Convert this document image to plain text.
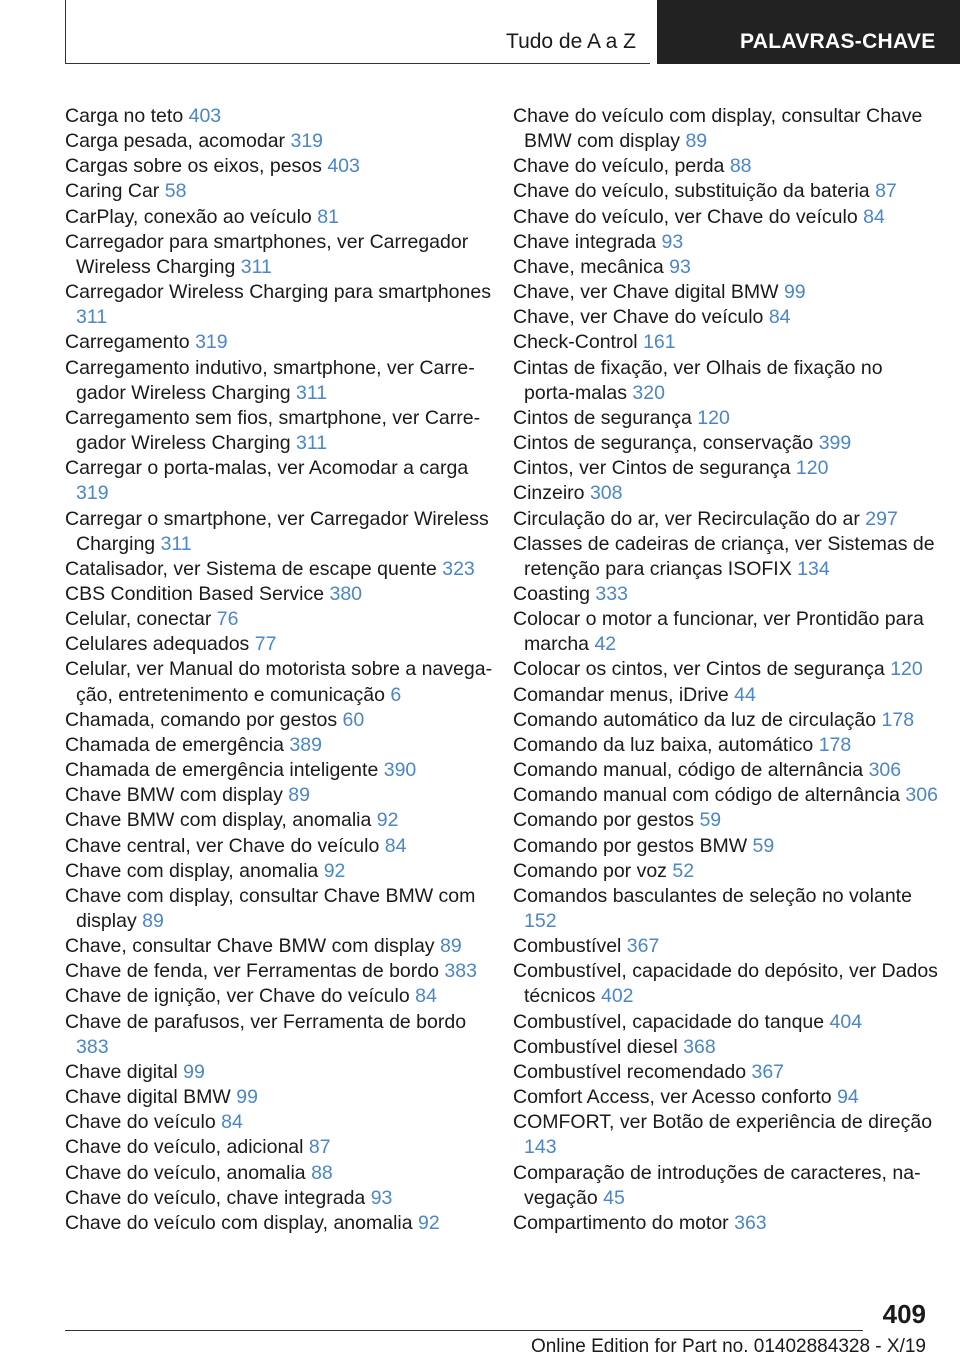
Tudo de A a Z	PALAVRAS-CHAVE
Carga no teto 403
Carga pesada, acomodar 319
Cargas sobre os eixos, pesos 403
Caring Car 58
CarPlay, conexão ao veículo 81
Carregador para smartphones, ver Carregador Wireless Charging 311
Carregador Wireless Charging para smartphones 311
Carregamento 319
Carregamento indutivo, smartphone, ver Carregador Wireless Charging 311
Carregamento sem fios, smartphone, ver Carregador Wireless Charging 311
Carregar o porta-malas, ver Acomodar a carga 319
Carregar o smartphone, ver Carregador Wireless Charging 311
Catalisador, ver Sistema de escape quente 323
CBS Condition Based Service 380
Celular, conectar 76
Celulares adequados 77
Celular, ver Manual do motorista sobre a navegação, entretenimento e comunicação 6
Chamada, comando por gestos 60
Chamada de emergência 389
Chamada de emergência inteligente 390
Chave BMW com display 89
Chave BMW com display, anomalia 92
Chave central, ver Chave do veículo 84
Chave com display, anomalia 92
Chave com display, consultar Chave BMW com display 89
Chave, consultar Chave BMW com display 89
Chave de fenda, ver Ferramentas de bordo 383
Chave de ignição, ver Chave do veículo 84
Chave de parafusos, ver Ferramenta de bordo 383
Chave digital 99
Chave digital BMW 99
Chave do veículo 84
Chave do veículo, adicional 87
Chave do veículo, anomalia 88
Chave do veículo, chave integrada 93
Chave do veículo com display, anomalia 92
Chave do veículo com display, consultar Chave BMW com display 89
Chave do veículo, perda 88
Chave do veículo, substituição da bateria 87
Chave do veículo, ver Chave do veículo 84
Chave integrada 93
Chave, mecânica 93
Chave, ver Chave digital BMW 99
Chave, ver Chave do veículo 84
Check-Control 161
Cintas de fixação, ver Olhais de fixação no porta-malas 320
Cintos de segurança 120
Cintos de segurança, conservação 399
Cintos, ver Cintos de segurança 120
Cinzeiro 308
Circulação do ar, ver Recirculação do ar 297
Classes de cadeiras de criança, ver Sistemas de retenção para crianças ISOFIX 134
Coasting 333
Colocar o motor a funcionar, ver Prontidão para marcha 42
Colocar os cintos, ver Cintos de segurança 120
Comandar menus, iDrive 44
Comando automático da luz de circulação 178
Comando da luz baixa, automático 178
Comando manual, código de alternância 306
Comando manual com código de alternância 306
Comando por gestos 59
Comando por gestos BMW 59
Comando por voz 52
Comandos basculantes de seleção no volante 152
Combustível 367
Combustível, capacidade do depósito, ver Dados técnicos 402
Combustível, capacidade do tanque 404
Combustível diesel 368
Combustível recomendado 367
Comfort Access, ver Acesso conforto 94
COMFORT, ver Botão de experiência de direção 143
Comparação de introduções de caracteres, navegação 45
Compartimento do motor 363
409
Online Edition for Part no. 01402884328 - X/19
